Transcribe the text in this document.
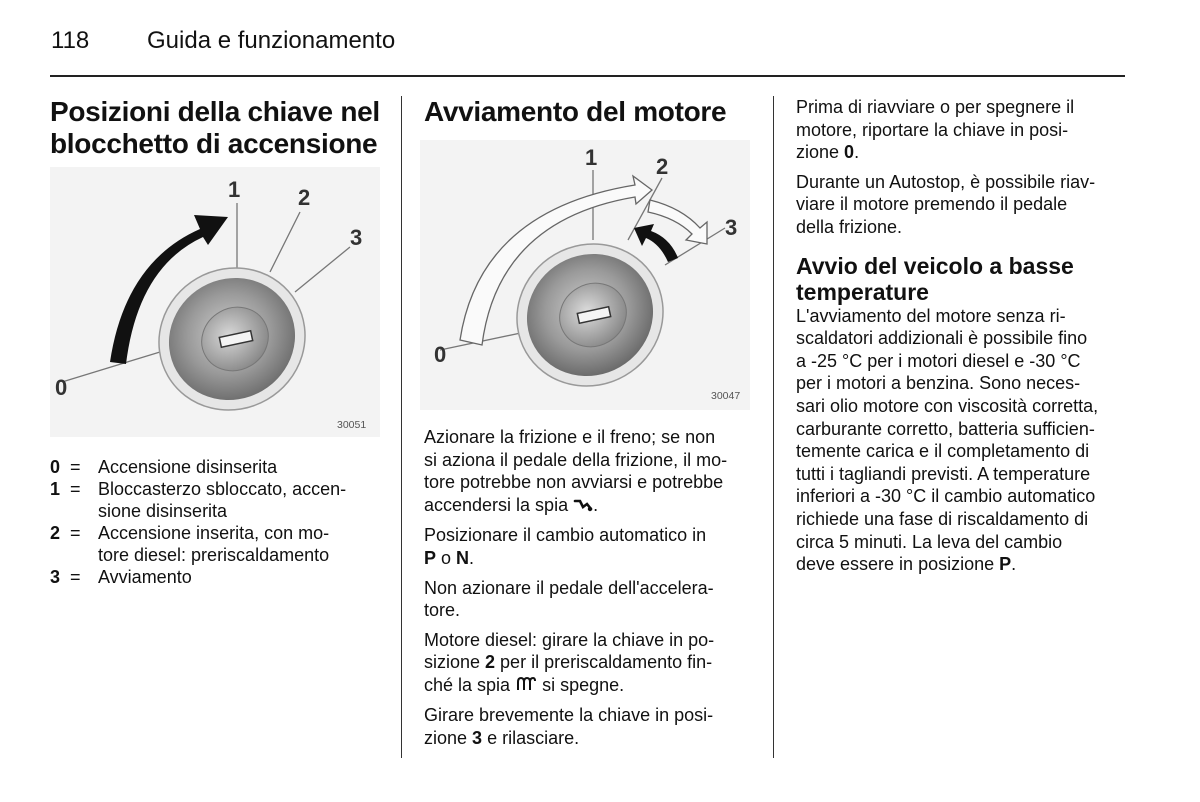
118 Guida e funzionamento

Posizioni della chiave nel
blocchetto di accensione

0
1	2
3
30051
0 = Accensione disinserita
1 = Bloccasterzo sbloccato, accen-
sione disinserita
2 = Accensione inserita, con mo-
tore diesel: preriscaldamento
3 = Avviamento

Avviamento del motore

0
1	2
3
30047

Azionare la frizione e il freno; se non
si aziona il pedale della frizione, il mo-
tore potrebbe non avviarsi e potrebbe
accendersi la spia .

Posizionare il cambio automatico in
P o N.

Non azionare il pedale dell'accelera-
tore.

Motore diesel: girare la chiave in po-
sizione 2 per il preriscaldamento fin-
ché la spia  si spegne.

Girare brevemente la chiave in posi-
zione 3 e rilasciare.

Prima di riavviare o per spegnere il
motore, riportare la chiave in posi-
zione 0.

Durante un Autostop, è possibile riav-
viare il motore premendo il pedale
della frizione.

Avvio del veicolo a basse
temperature

L'avviamento del motore senza ri-
scaldatori addizionali è possibile fino
a -25 °C per i motori diesel e -30 °C
per i motori a benzina. Sono neces-
sari olio motore con viscosità corretta,
carburante corretto, batteria sufficien-
temente carica e il completamento di
tutti i tagliandi previsti. A temperature
inferiori a -30 °C il cambio automatico
richiede una fase di riscaldamento di
circa 5 minuti. La leva del cambio
deve essere in posizione P.
